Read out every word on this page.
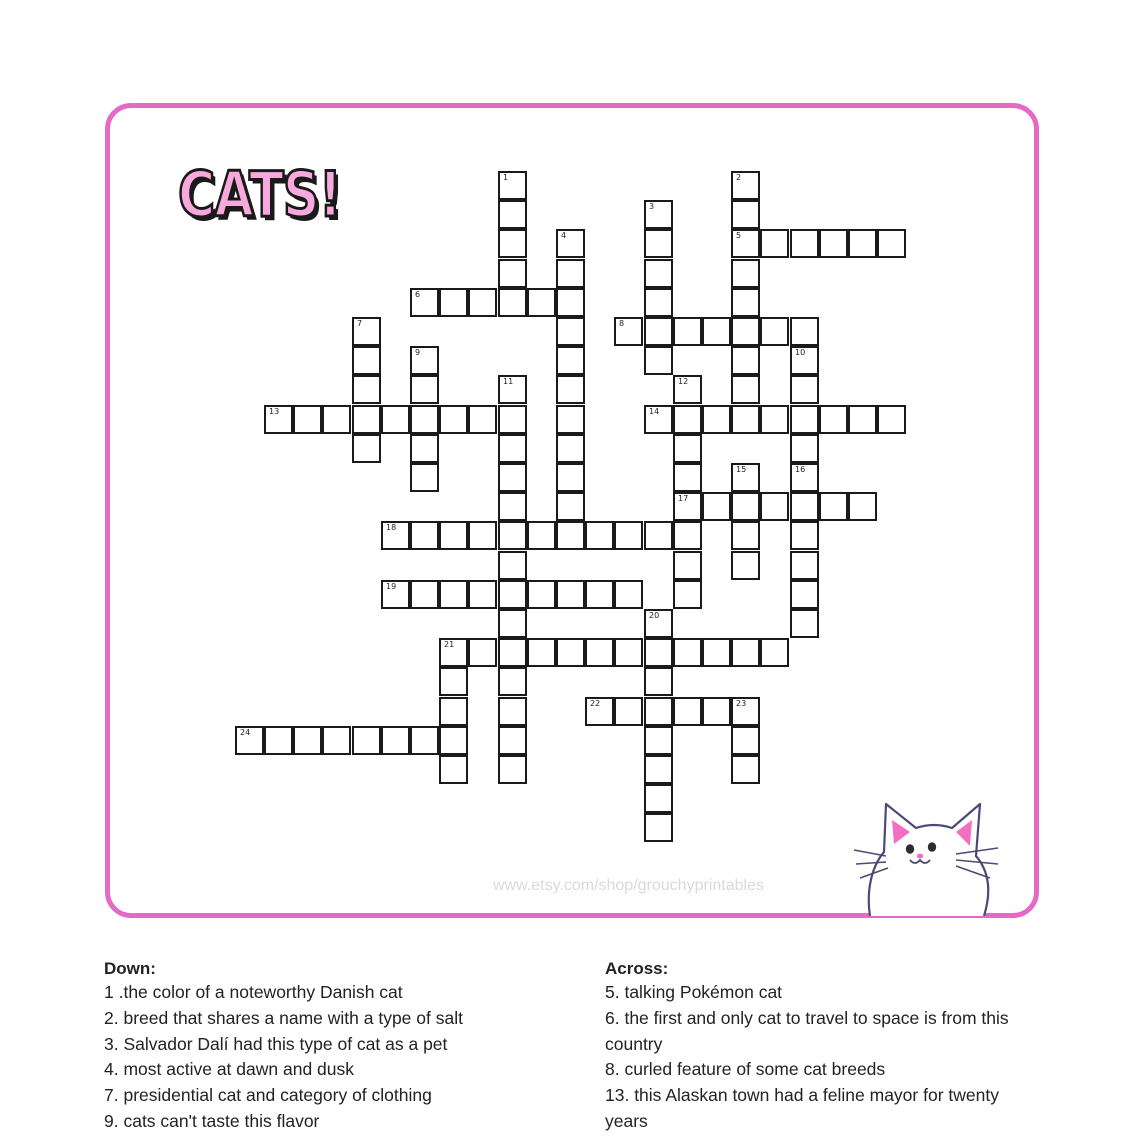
CATS!	1	2
3
4	5
6
7	8
9	10
11	12
13	14
15	16
17
18
19
20
21
22	23
24
www.etsy.com/shop/grouchyprintables
Down:

1 .the color of a noteworthy Danish cat

2. breed that shares a name with a type of salt

3. Salvador Dalí had this type of cat as a pet

4. most active at dawn and dusk

7. presidential cat and category of clothing

9. cats can't taste this flavor

Across:

5. talking Pokémon cat

6. the first and only cat to travel to space is from this country

8. curled feature of some cat breeds

13. this Alaskan town had a feline mayor for twenty years
